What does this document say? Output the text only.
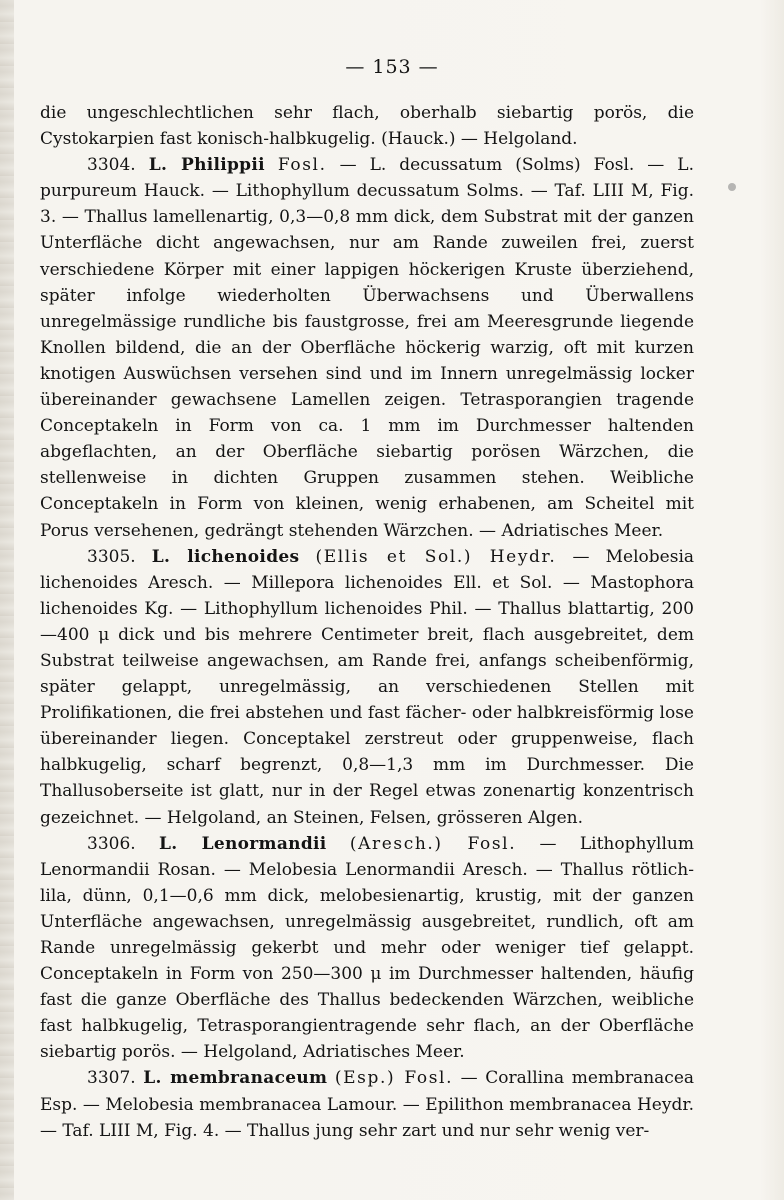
— 153 —

die ungeschlechtlichen sehr flach, oberhalb siebartig porös, die Cystokarpien fast konisch-halbkugelig. (Hauck.) — Helgoland.

3304. L. Philippii Fosl. — L. decussatum (Solms) Fosl. — L. purpureum Hauck. — Lithophyllum decussatum Solms. — Taf. LIII M, Fig. 3. — Thallus lamellenartig, 0,3—0,8 mm dick, dem Substrat mit der ganzen Unterfläche dicht angewachsen, nur am Rande zuweilen frei, zuerst verschiedene Körper mit einer lappigen höckerigen Kruste überziehend, später infolge wiederholten Überwachsens und Überwallens unregelmässige rundliche bis faustgrosse, frei am Meeresgrunde liegende Knollen bildend, die an der Oberfläche höckerig warzig, oft mit kurzen knotigen Auswüchsen versehen sind und im Innern unregelmässig locker übereinander gewachsene Lamellen zeigen. Tetrasporangien tragende Conceptakeln in Form von ca. 1 mm im Durchmesser haltenden abgeflachten, an der Oberfläche siebartig porösen Wärzchen, die stellenweise in dichten Gruppen zusammen stehen. Weibliche Conceptakeln in Form von kleinen, wenig erhabenen, am Scheitel mit Porus versehenen, gedrängt stehenden Wärzchen. — Adriatisches Meer.

3305. L. lichenoides (Ellis et Sol.) Heydr. — Melobesia lichenoides Aresch. — Millepora lichenoides Ell. et Sol. — Mastophora lichenoides Kg. — Lithophyllum lichenoides Phil. — Thallus blattartig, 200—400 μ dick und bis mehrere Centimeter breit, flach ausgebreitet, dem Substrat teilweise angewachsen, am Rande frei, anfangs scheibenförmig, später gelappt, unregelmässig, an verschiedenen Stellen mit Prolifikationen, die frei abstehen und fast fächer- oder halbkreisförmig lose übereinander liegen. Conceptakel zerstreut oder gruppenweise, flach halbkugelig, scharf begrenzt, 0,8—1,3 mm im Durchmesser. Die Thallusoberseite ist glatt, nur in der Regel etwas zonenartig konzentrisch gezeichnet. — Helgoland, an Steinen, Felsen, grösseren Algen.

3306. L. Lenormandii (Aresch.) Fosl. — Lithophyllum Lenormandii Rosan. — Melobesia Lenormandii Aresch. — Thallus rötlich-lila, dünn, 0,1—0,6 mm dick, melobesienartig, krustig, mit der ganzen Unterfläche angewachsen, unregelmässig ausgebreitet, rundlich, oft am Rande unregelmässig gekerbt und mehr oder weniger tief gelappt. Conceptakeln in Form von 250—300 μ im Durchmesser haltenden, häufig fast die ganze Oberfläche des Thallus bedeckenden Wärzchen, weibliche fast halbkugelig, Tetrasporangientragende sehr flach, an der Oberfläche siebartig porös. — Helgoland, Adriatisches Meer.

3307. L. membranaceum (Esp.) Fosl. — Corallina membranacea Esp. — Melobesia membranacea Lamour. — Epilithon membranacea Heydr. — Taf. LIII M, Fig. 4. — Thallus jung sehr zart und nur sehr wenig ver-
